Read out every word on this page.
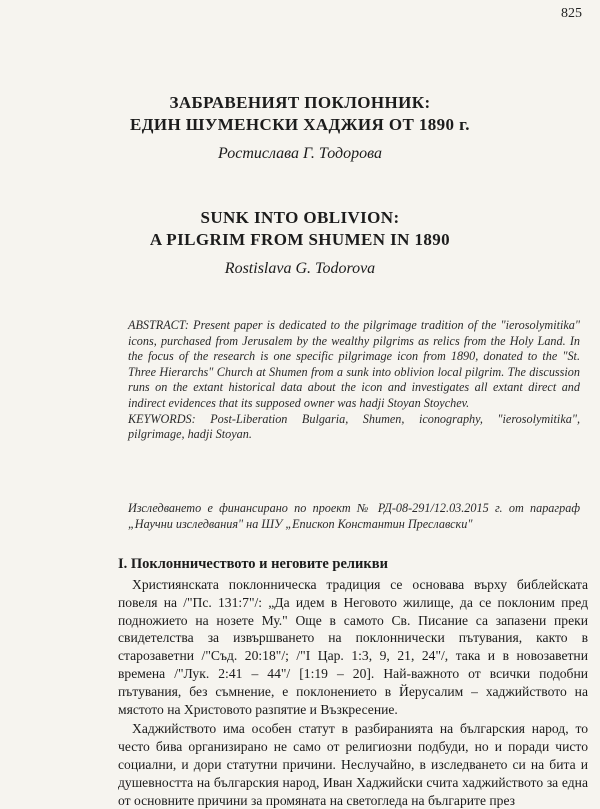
825
ЗАБРАВЕНИЯТ ПОКЛОННИК:
ЕДИН ШУМЕНСКИ ХАДЖИЯ ОТ 1890 г.
Ростислава Г. Тодорова
SUNK INTO OBLIVION:
A PILGRIM FROM SHUMEN IN 1890
Rostislava G. Todorova

ABSTRACT: Present paper is dedicated to the pilgrimage tradition of the "ierosolymitika" icons, purchased from Jerusalem by the wealthy pilgrims as relics from the Holy Land. In the focus of the research is one specific pilgrimage icon from 1890, donated to the "St. Three Hierarchs" Church at Shumen from a sunk into oblivion local pilgrim. The discussion runs on the extant historical data about the icon and investigates all extant direct and indirect evidences that its supposed owner was hadji Stoyan Stoychev.

KEYWORDS: Post-Liberation Bulgaria, Shumen, iconography, "ierosolymitika", pilgrimage, hadji Stoyan.

Изследването е финансирано по проект № РД-08-291/12.03.2015 г. от параграф „Научни изследвания" на ШУ „Епископ Константин Преславски"
I. Поклонничеството и неговите реликви

Християнската поклонническа традиция се основава върху библейската повеля на /"Пс. 131:7"/: „Да идем в Неговото жилище, да се поклоним пред подножието на нозете Му." Още в самото Св. Писание са запазени преки свидетелства за извършването на поклоннически пътувания, както в старозаветни /"Съд. 20:18"/; /"I Цар. 1:3, 9, 21, 24"/, така и в новозаветни времена /"Лук. 2:41 – 44"/ [1:19 – 20]. Най-важното от всички подобни пътувания, без съмнение, е поклонението в Йерусалим – хаджийството на мястото на Христовото разпятие и Възкресение.

Хаджийството има особен статут в разбиранията на българския народ, то често бива организирано не само от религиозни подбуди, но и поради чисто социални, и дори статутни причини. Неслучайно, в изследването си на бита и душевността на българския народ, Иван Хаджийски счита хаджийството за една от основните причини за промяната на светогледа на българите през
